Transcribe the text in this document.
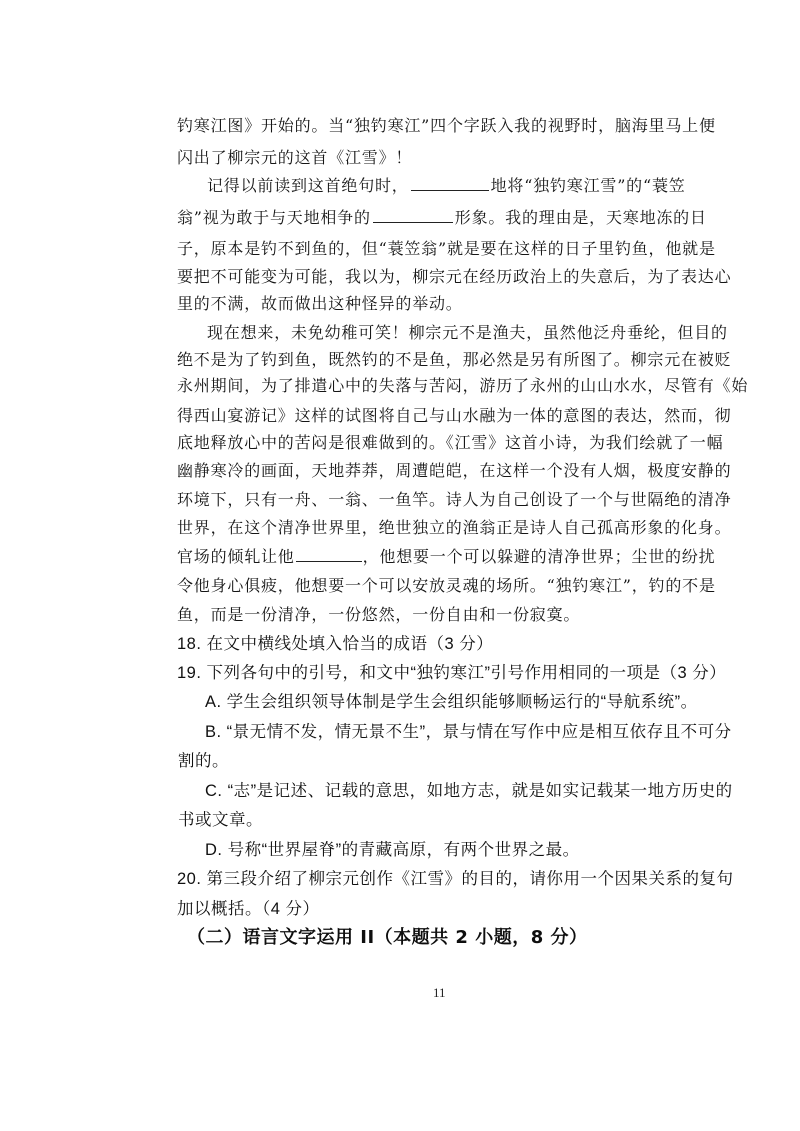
钓寒江图》开始的。当“独钓寒江”四个字跃入我的视野时，脑海里马上便
闪出了柳宗元的这首《江雪》！
记得以前读到这首绝句时，	地将“独钓寒江雪”的“蓑笠
翁”视为敢于与天地相争的	形象。我的理由是，天寒地冻的日
子，原本是钓不到鱼的，但“蓑笠翁”就是要在这样的日子里钓鱼，他就是
要把不可能变为可能，我以为，柳宗元在经历政治上的失意后，为了表达心
里的不满，故而做出这种怪异的举动。
现在想来，未免幼稚可笑！柳宗元不是渔夫，虽然他泛舟垂纶，但目的
绝不是为了钓到鱼，既然钓的不是鱼，那必然是另有所图了。柳宗元在被贬
永州期间，为了排遣心中的失落与苦闷，游历了永州的山山水水，尽管有《始
得西山宴游记》这样的试图将自己与山水融为一体的意图的表达，然而，彻
底地释放心中的苦闷是很难做到的。《江雪》这首小诗，为我们绘就了一幅
幽静寒冷的画面，天地莽莽，周遭皑皑，在这样一个没有人烟，极度安静的
环境下，只有一舟、一翁、一鱼竿。诗人为自己创设了一个与世隔绝的清净
世界，在这个清净世界里，绝世独立的渔翁正是诗人自己孤高形象的化身。
官场的倾轧让他	，他想要一个可以躲避的清净世界；尘世的纷扰
令他身心俱疲，他想要一个可以安放灵魂的场所。“独钓寒江”，钓的不是
鱼，而是一份清净，一份悠然，一份自由和一份寂寞。
18. 在文中横线处填入恰当的成语（3 分）
19. 下列各句中的引号，和文中“独钓寒江”引号作用相同的一项是（3 分）
A. 学生会组织领导体制是学生会组织能够顺畅运行的“导航系统”。
B. “景无情不发，情无景不生”，景与情在写作中应是相互依存且不可分
割的。
C. “志”是记述、记载的意思，如地方志，就是如实记载某一地方历史的
书或文章。
D. 号称“世界屋脊”的青藏高原，有两个世界之最。
20. 第三段介绍了柳宗元创作《江雪》的目的，请你用一个因果关系的复句
加以概括。（4 分）
（二）语言文字运用 II（本题共 2 小题，8 分）
11
